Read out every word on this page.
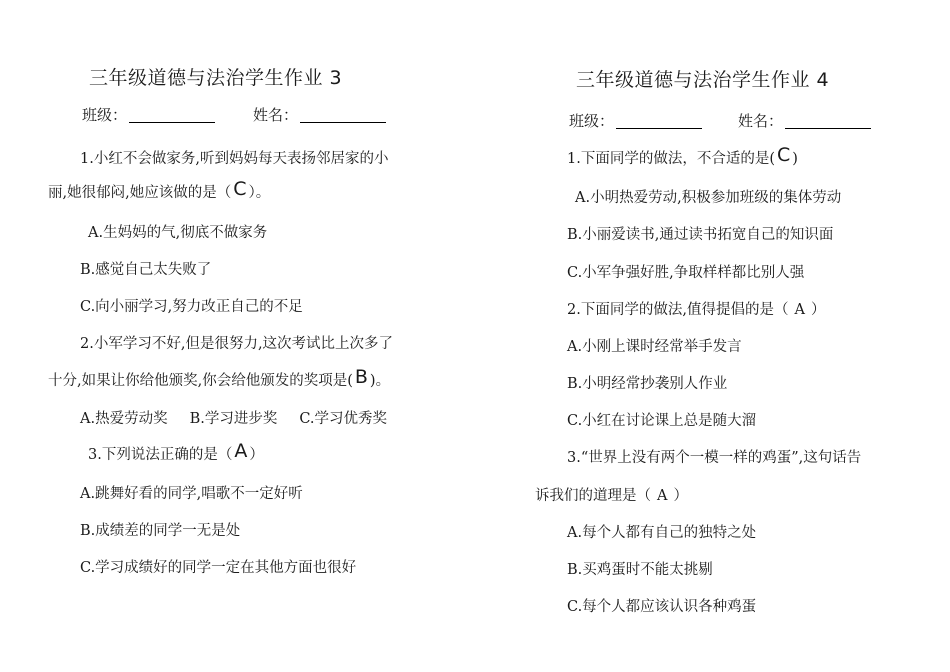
三年级道德与法治学生作业 3
班级：	姓名：
1.小红不会做家务,听到妈妈每天表扬邻居家的小
丽,她很郁闷,她应该做的是（ C ）。
A.生妈妈的气,彻底不做家务
B.感觉自己太失败了
C.向小丽学习,努力改正自己的不足
2.小军学习不好,但是很努力,这次考试比上次多了
十分,如果让你给他颁奖,你会给他颁发的奖项是( B )。
A.热爱劳动奖 B.学习进步奖 C.学习优秀奖
3.下列说法正确的是（ A ）
A.跳舞好看的同学,唱歌不一定好听
B.成绩差的同学一无是处
C.学习成绩好的同学一定在其他方面也很好
三年级道德与法治学生作业 4
班级：	姓名：
1.下面同学的做法，不合适的是( C )
A.小明热爱劳动,积极参加班级的集体劳动
B.小丽爱读书,通过读书拓宽自己的知识面
C.小军争强好胜,争取样样都比别人强
2.下面同学的做法,值得提倡的是（ A ）
A.小刚上课时经常举手发言
B.小明经常抄袭别人作业
C.小红在讨论课上总是随大溜
3.“世界上没有两个一模一样的鸡蛋”,这句话告
诉我们的道理是（ A ）
A.每个人都有自己的独特之处
B.买鸡蛋时不能太挑剔
C.每个人都应该认识各种鸡蛋
